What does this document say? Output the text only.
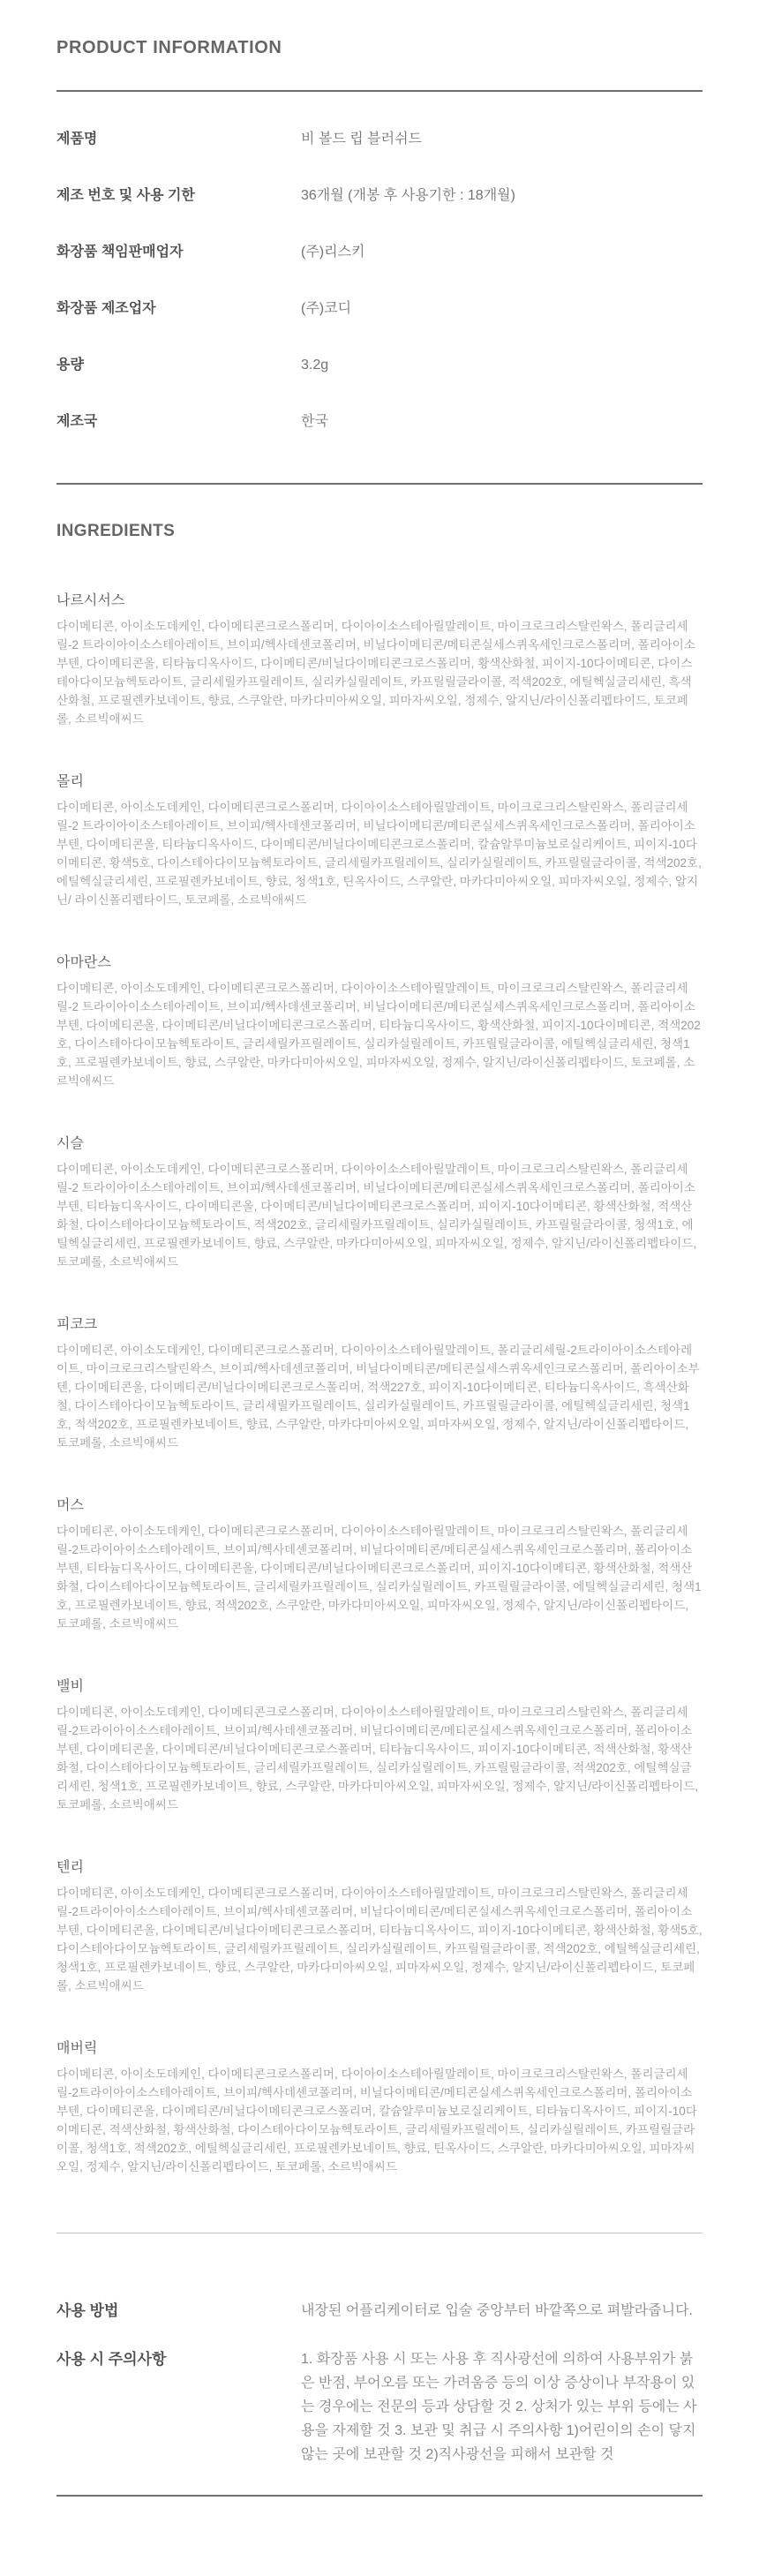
PRODUCT INFORMATION
제품명	비 볼드 립 블러쉬드
제조 번호 및 사용 기한	36개월 (개봉 후 사용기한 : 18개월)
화장품 책임판매업자	(주)리스키
화장품 제조업자	(주)코디
용량	3.2g
제조국	한국
INGREDIENTS
나르시서스

다이메티콘, 아이소도데케인, 다이메티콘크로스폴리머, 다이아이소스테아릴말레이트, 마이크로크리스탈린왁스, 폴리글리세릴-2 트라이아이소스테아레이트, 브이피/헥사데센코폴리머, 비닐다이메티콘/메티콘실세스퀴옥세인크로스폴리머, 폴리아이소부텐, 다이메티콘올, 티타늄디옥사이드, 다이메티콘/비닐다이메티콘크로스폴리머, 황색산화철, 피이지-10다이메티콘, 다이스테아다이모늄헥토라이트, 글리세릴카프릴레이트, 실리카실릴레이트, 카프릴릴글라이콜, 적색202호, 에틸헥실글리세린, 흑색산화철, 프로필렌카보네이트, 향료, 스쿠알란, 마카다미아씨오일, 피마자씨오일, 정제수, 알지닌/라이신폴리펩타이드, 토코페롤, 소르빅애씨드

몰리

다이메티콘, 아이소도데케인, 다이메티콘크로스폴리머, 다이아이소스테아릴말레이트, 마이크로크리스탈린왁스, 폴리글리세릴-2 트라이아이소스테아레이트, 브이피/헥사데센코폴리머, 비닐다이메티콘/메티콘실세스퀴옥세인크로스폴리머, 폴리아이소부텐, 다이메티콘올, 티타늄디옥사이드, 다이메티콘/비닐다이메티콘크로스폴리머, 칼슘알루미늄보로실리케이트, 피이지-10다이메티콘, 황색5호, 다이스테아다이모늄헥토라이트, 글리세릴카프릴레이트, 실리카실릴레이트, 카프릴릴글라이콜, 적색202호, 에틸헥실글리세린, 프로필렌카보네이트, 향료, 청색1호, 틴옥사이드, 스쿠알란, 마카다미아씨오일, 피마자씨오일, 정제수, 알지닌/ 라이신폴리펩타이드, 토코페롤, 소르빅애씨드

아마란스

다이메티콘, 아이소도데케인, 다이메티콘크로스폴리머, 다이아이소스테아릴말레이트, 마이크로크리스탈린왁스, 폴리글리세릴-2 트라이아이소스테아레이트, 브이피/헥사데센코폴리머, 비닐다이메티콘/메티콘실세스퀴옥세인크로스폴리머, 폴리아이소부텐, 다이메티콘올, 다이메티콘/비닐다이메티콘크로스폴리머, 티타늄디옥사이드, 황색산화철, 피이지-10다이메티콘, 적색202호, 다이스테아다이모늄헥토라이트, 글리세릴카프릴레이트, 실리카실릴레이트, 카프릴릴글라이콜, 에틸헥실글리세린, 청색1호, 프로필렌카보네이트, 향료, 스쿠알란, 마카다미아씨오일, 피마자씨오일, 정제수, 알지닌/라이신폴리펩타이드, 토코페롤, 소르빅애씨드

시슬

다이메티콘, 아이소도데케인, 다이메티콘크로스폴리머, 다이아이소스테아릴말레이트, 마이크로크리스탈린왁스, 폴리글리세릴-2 트라이아이소스테아레이트, 브이피/헥사데센코폴리머, 비닐다이메티콘/메티콘실세스퀴옥세인크로스폴리머, 폴리아이소부텐, 티타늄디옥사이드, 다이메티콘올, 다이메티콘/비닐다이메티콘크로스폴리머, 피이지-10다이메티콘, 황색산화철, 적색산화철, 다이스테아다이모늄헥토라이트, 적색202호, 글리세릴카프릴레이트, 실리카실릴레이트, 카프릴릴글라이콜, 청색1호, 에틸헥실글리세린, 프로필렌카보네이트, 향료, 스쿠알란, 마카다미아씨오일, 피마자씨오일, 정제수, 알지닌/라이신폴리펩타이드, 토코페롤, 소르빅애씨드

피코크

다이메티콘, 아이소도데케인, 다이메티콘크로스폴리머, 다이아이소스테아릴말레이트, 폴리글리세릴-2트라이아이소스테아레이트, 마이크로크리스탈린왁스, 브이피/헥사데센코폴리머, 비닐다이메티콘/메티콘실세스퀴옥세인크로스폴리머, 폴리아이소부텐, 다이메티콘올, 다이메티콘/비닐다이메티콘크로스폴리머, 적색227호, 피이지-10다이메티콘, 티타늄디옥사이드, 흑색산화철, 다이스테아다이모늄헥토라이트, 글리세릴카프릴레이트, 실리카실릴레이트, 카프릴릴글라이콜, 에틸헥실글리세린, 청색1호, 적색202호, 프로필렌카보네이트, 향료, 스쿠알란, 마카다미아씨오일, 피마자씨오일, 정제수, 알지닌/라이신폴리펩타이드, 토코페롤, 소르빅애씨드

머스

다이메티콘, 아이소도데케인, 다이메티콘크로스폴리머, 다이아이소스테아릴말레이트, 마이크로크리스탈린왁스, 폴리글리세릴-2트라이아이소스테아레이트, 브이피/헥사데센코폴리머, 비닐다이메티콘/메티콘실세스퀴옥세인크로스폴리머, 폴리아이소부텐, 티타늄디옥사이드, 다이메티콘올, 다이메티콘/비닐다이메티콘크로스폴리머, 피이지-10다이메티콘, 황색산화철, 적색산화철, 다이스테아다이모늄헥토라이트, 글리세릴카프릴레이트, 실리카실릴레이트, 카프릴릴글라이콜, 에틸헥실글리세린, 청색1호, 프로필렌카보네이트, 향료, 적색202호, 스쿠알란, 마카다미아씨오일, 피마자씨오일, 정제수, 알지닌/라이신폴리펩타이드, 토코페롤, 소르빅애씨드

밸비

다이메티콘, 아이소도데케인, 다이메티콘크로스폴리머, 다이아이소스테아릴말레이트, 마이크로크리스탈린왁스, 폴리글리세릴-2트라이아이소스테아레이트, 브이피/헥사데센코폴리머, 비닐다이메티콘/메티콘실세스퀴옥세인크로스폴리머, 폴리아이소부텐, 다이메티콘올, 다이메티콘/비닐다이메티콘크로스폴리머, 티타늄디옥사이드, 피이지-10다이메티콘, 적색산화철, 황색산화철, 다이스테아다이모늄헥토라이트, 글리세릴카프릴레이트, 실리카실릴레이트, 카프릴릴글라이콜, 적색202호, 에틸헥실글리세린, 청색1호, 프로필렌카보네이트, 향료, 스쿠알란, 마카다미아씨오일, 피마자씨오일, 정제수, 알지닌/라이신폴리펩타이드, 토코페롤, 소르빅애씨드

텐리

다이메티콘, 아이소도데케인, 다이메티콘크로스폴리머, 다이아이소스테아릴말레이트, 마이크로크리스탈린왁스, 폴리글리세릴-2트라이아이소스테아레이트, 브이피/헥사데센코폴리머, 비닐다이메티콘/메티콘실세스퀴옥세인크로스폴리머, 폴리아이소부텐, 다이메티콘올, 다이메티콘/비닐다이메티콘크로스폴리머, 티타늄디옥사이드, 피이지-10다이메티콘, 황색산화철, 황색5호, 다이스테아다이모늄헥토라이트, 글리세릴카프릴레이트, 실리카실릴레이트, 카프릴릴글라이콜, 적색202호, 에틸헥실글리세린, 청색1호, 프로필렌카보네이트, 향료, 스쿠알란, 마카다미아씨오일, 피마자씨오일, 정제수, 알지닌/라이신폴리펩타이드, 토코페롤, 소르빅애씨드

매버릭

다이메티콘, 아이소도데케인, 다이메티콘크로스폴리머, 다이아이소스테아릴말레이트, 마이크로크리스탈린왁스, 폴리글리세릴-2트라이아이소스테아레이트, 브이피/헥사데센코폴리머, 비닐다이메티콘/메티콘실세스퀴옥세인크로스폴리머, 폴리아이소부텐, 다이메티콘올, 다이메티콘/비닐다이메티콘크로스폴리머, 칼슘알루미늄보로실리케이트, 티타늄디옥사이드, 피이지-10다이메티콘, 적색산화철, 황색산화철, 다이스테아다이모늄헥토라이트, 글리세릴카프릴레이트, 실리카실릴레이트, 카프릴릴글라이콜, 청색1호, 적색202호, 에틸헥실글리세린, 프로필렌카보네이트, 향료, 틴옥사이드, 스쿠알란, 마카다미아씨오일, 피마자씨오일, 정제수, 알지닌/라이신폴리펩타이드, 토코페롤, 소르빅애씨드

사용 방법	내장된 어플리케이터로 입술 중앙부터 바깥쪽으로 펴발라줍니다.
사용 시 주의사항	1. 화장품 사용 시 또는 사용 후 직사광선에 의하여 사용부위가 붉은 반점, 부어오름 또는 가려움증 등의 이상 증상이나 부작용이 있는 경우에는 전문의 등과 상담할 것 2. 상처가 있는 부위 등에는 사용을 자제할 것 3. 보관 및 취급 시 주의사항 1)어린이의 손이 닿지 않는 곳에 보관할 것 2)직사광선을 피해서 보관할 것
